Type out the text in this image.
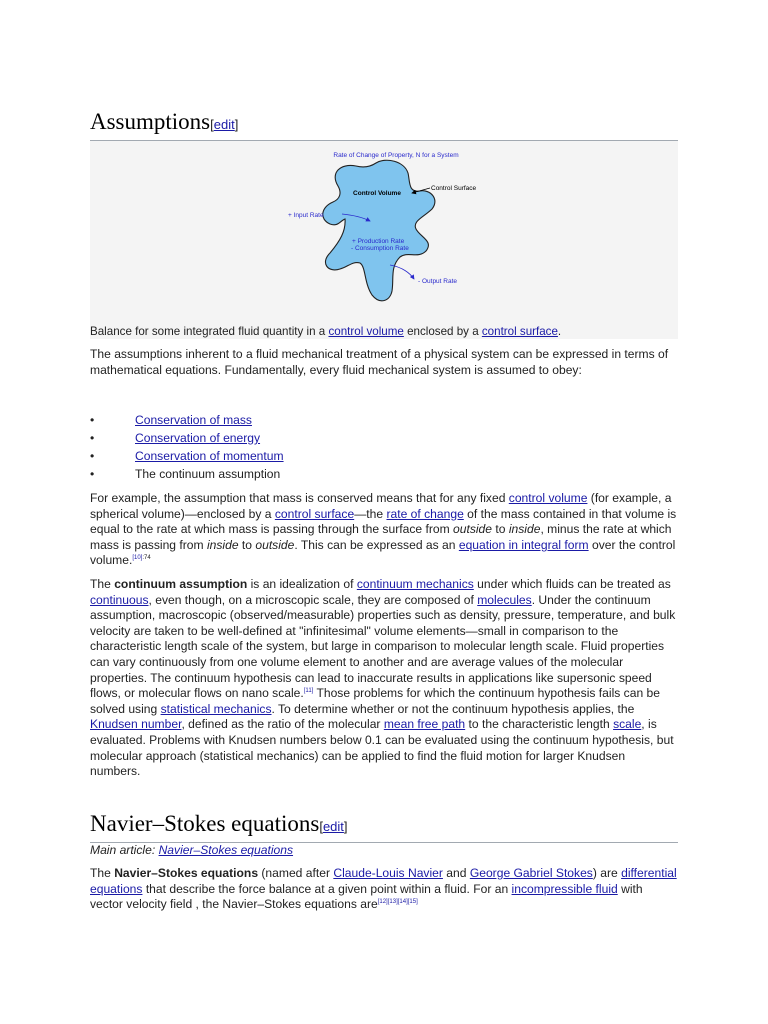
Assumptions[edit]
Rate of Change of Property, N for a System
Control Volume
Control Surface
+ Input Rate
+ Production Rate
- Consumption Rate
- Output Rate
Balance for some integrated fluid quantity in a control volume enclosed by a control surface.

The assumptions inherent to a fluid mechanical treatment of a physical system can be expressed in terms of mathematical equations. Fundamentally, every fluid mechanical system is assumed to obey:

•	Conservation of mass
•	Conservation of energy
•	Conservation of momentum
•	The continuum assumption

For example, the assumption that mass is conserved means that for any fixed control volume (for example, a spherical volume)—enclosed by a control surface—the rate of change of the mass contained in that volume is equal to the rate at which mass is passing through the surface from outside to inside, minus the rate at which mass is passing from inside to outside. This can be expressed as an equation in integral form over the control volume.$^{[10]:74}$

The continuum assumption is an idealization of continuum mechanics under which fluids can be treated as continuous, even though, on a microscopic scale, they are composed of molecules. Under the continuum assumption, macroscopic (observed/measurable) properties such as density, pressure, temperature, and bulk velocity are taken to be well-defined at "infinitesimal" volume elements—small in comparison to the characteristic length scale of the system, but large in comparison to molecular length scale. Fluid properties can vary continuously from one volume element to another and are average values of the molecular properties. The continuum hypothesis can lead to inaccurate results in applications like supersonic speed flows, or molecular flows on nano scale.[11] Those problems for which the continuum hypothesis fails can be solved using statistical mechanics. To determine whether or not the continuum hypothesis applies, the Knudsen number, defined as the ratio of the molecular mean free path to the characteristic length scale, is evaluated. Problems with Knudsen numbers below 0.1 can be evaluated using the continuum hypothesis, but molecular approach (statistical mechanics) can be applied to find the fluid motion for larger Knudsen numbers.

Navier–Stokes equations[edit]
Main article: Navier–Stokes equations

The Navier–Stokes equations (named after Claude-Louis Navier and George Gabriel Stokes) are differential equations that describe the force balance at a given point within a fluid. For an incompressible fluid with vector velocity field , the Navier–Stokes equations are[12][13][14][15]
